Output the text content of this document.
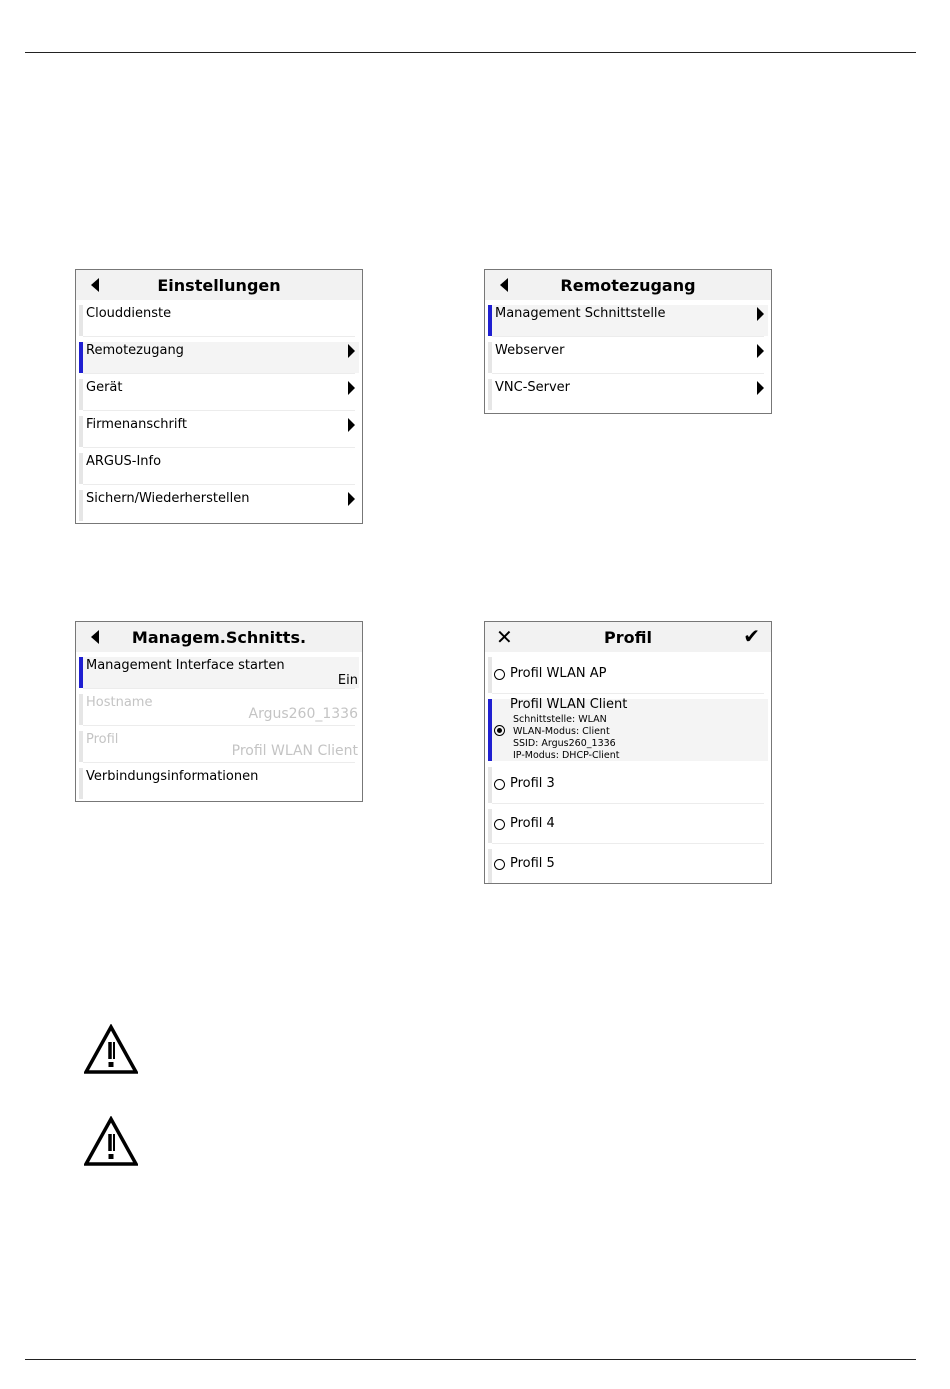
Einstellungen
Clouddienste
Remotezugang
Gerät
Firmenanschrift
ARGUS-Info
Sichern/Wiederherstellen
Remotezugang
Management Schnittstelle
Webserver
VNC-Server
Managem.Schnitts.
Management Interface starten
Ein
Hostname
Argus260_1336
Profil
Profil WLAN Client
Verbindungsinformationen
✕	Profil	✔
Profil WLAN AP
Profil WLAN Client
Schnittstelle: WLAN
WLAN-Modus: Client
SSID: Argus260_1336
IP-Modus: DHCP-Client
Profil 3
Profil 4
Profil 5
